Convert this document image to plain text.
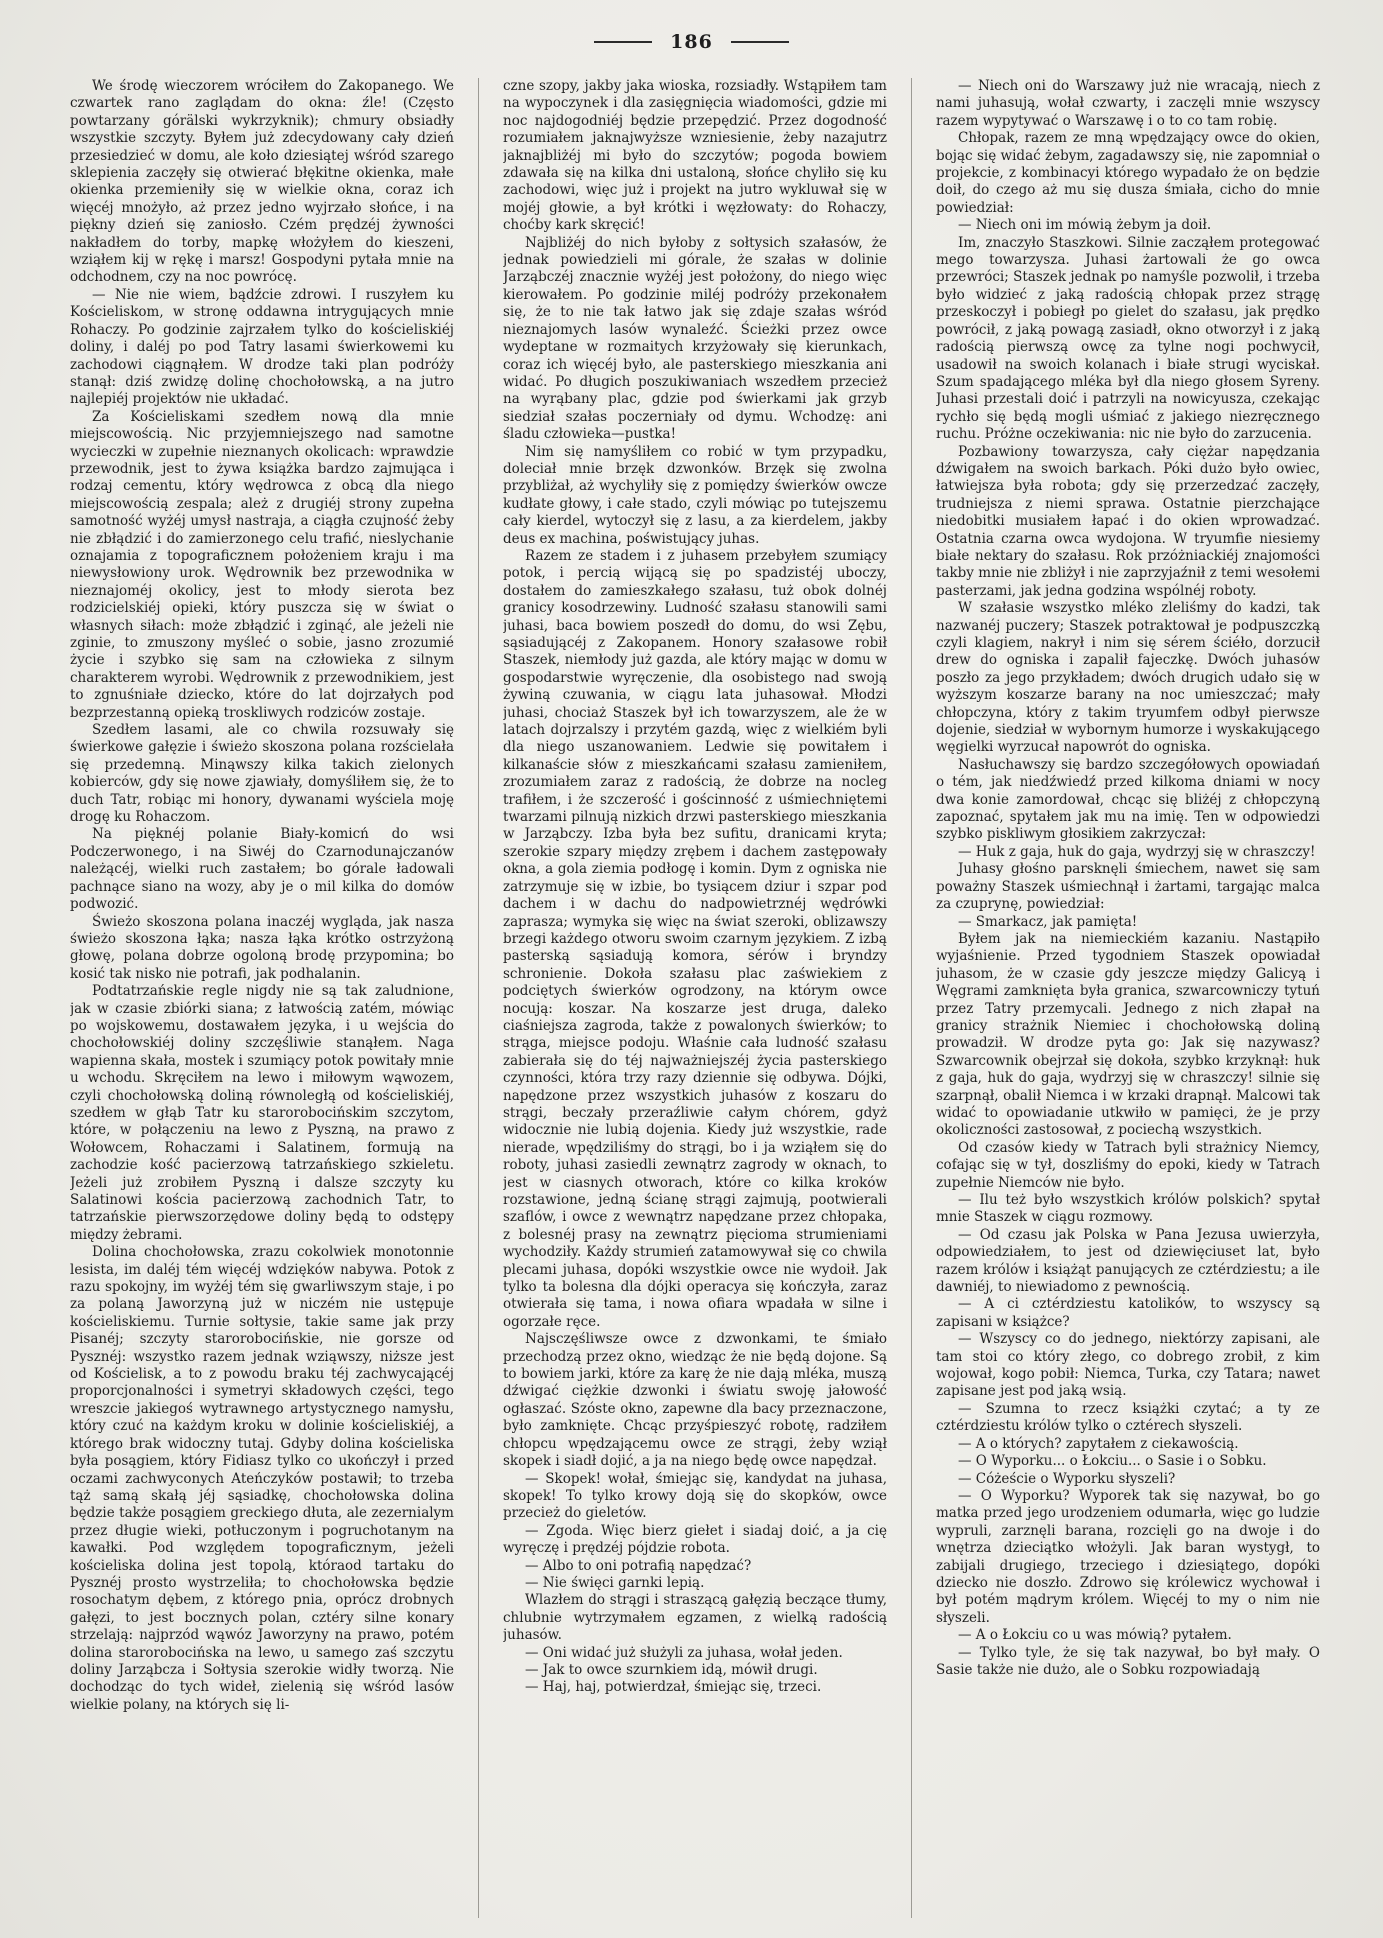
186

We środę wieczorem wróciłem do Zakopanego. We czwartek rano zaglądam do okna: źle! (Często powtarzany górälski wykrzyknik); chmury obsiadły wszystkie szczyty. Byłem już zdecydowany cały dzień przesiedzieć w domu, ale koło dziesiątej wśród szarego sklepienia zaczęły się otwierać błękitne okienka, małe okienka przemieniły się w wielkie okna, coraz ich więcéj mnożyło, aż przez jedno wyjrzało słońce, i na piękny dzień się zaniosło. Czém prędzéj żywności nakładłem do torby, mapkę włożyłem do kieszeni, wziąłem kij w rękę i marsz! Gospodyni pytała mnie na odchodnem, czy na noc powrócę.

— Nie nie wiem, bądźcie zdrowi. I ruszyłem ku Kościeliskom, w stronę oddawna intrygujących mnie Rohaczy. Po godzinie zajrzałem tylko do kościeliskiéj doliny, i daléj po pod Tatry lasami świerkowemi ku zachodowi ciągnąłem. W drodze taki plan podróży stanął: dziś zwidzę dolinę chochołowską, a na jutro najlepiéj projektów nie układać.

Za Kościeliskami szedłem nową dla mnie miejscowością. Nic przyjemniejszego nad samotne wycieczki w zupełnie nieznanych okolicach: wprawdzie przewodnik, jest to żywa książka bardzo zajmująca i rodzaj cementu, który wędrowca z obcą dla niego miejscowością zespala; ależ z drugiéj strony zupełna samotność wyżéj umysł nastraja, a ciągła czujność żeby nie zbłądzić i do zamierzonego celu trafić, nieslychanie oznajamia z topograficznem położeniem kraju i ma niewysłowiony urok. Wędrownik bez przewodnika w nieznajoméj okolicy, jest to młody sierota bez rodzicielskiéj opieki, który puszcza się w świat o własnych siłach: może zbłądzić i zginąć, ale jeżeli nie zginie, to zmuszony myśleć o sobie, jasno zrozumié życie i szybko się sam na człowieka z silnym charakterem wyrobi. Wędrownik z przewodnikiem, jest to zgnuśniałe dziecko, które do lat dojrzałych pod bezprzestanną opieką troskliwych rodziców zostaje.

Szedłem lasami, ale co chwila rozsuwały się świerkowe gałęzie i świeżo skoszona polana rozścielała się przedemną. Minąwszy kilka takich zielonych kobierców, gdy się nowe zjawiały, domyśliłem się, że to duch Tatr, robiąc mi honory, dywanami wyściela moję drogę ku Rohaczom.

Na pięknéj polanie Biały-komicń do wsi Podczerwonego, i na Siwéj do Czarnodunajczanów należącéj, wielki ruch zastałem; bo górale ładowali pachnące siano na wozy, aby je o mil kilka do domów podwozić.

Świeżo skoszona polana inaczéj wygląda, jak nasza świeżo skoszona łąka; nasza łąka krótko ostrzyżoną głowę, polana dobrze ogoloną brodę przypomina; bo kosić tak nisko nie potrafi, jak podhalanin.

Podtatrzańskie regle nigdy nie są tak zaludnione, jak w czasie zbiórki siana; z łatwością zatém, mówiąc po wojskowemu, dostawałem języka, i u wejścia do chochołowskiéj doliny szczęśliwie stanąłem. Naga wapienna skała, mostek i szumiący potok powitały mnie u wchodu. Skręciłem na lewo i miłowym wąwozem, czyli chochołowską doliną równoległą od kościeliskiéj, szedłem w głąb Tatr ku starorobocińskim szczytom, które, w połączeniu na lewo z Pyszną, na prawo z Wołowcem, Rohaczami i Salatinem, formują na zachodzie kość pacierzową tatrzańskiego szkieletu. Jeżeli już zrobiłem Pyszną i dalsze szczyty ku Salatinowi kościa pacierzową zachodnich Tatr, to tatrzańskie pierwszorzędowe doliny będą to odstępy między żebrami.

Dolina chochołowska, zrazu cokolwiek monotonnie lesista, im daléj tém więcéj wdzięków nabywa. Potok z razu spokojny, im wyżéj tém się gwarliwszym staje, i po za polaną Jaworzyną już w niczém nie ustępuje kościeliskiemu. Turnie sołtysie, takie same jak przy Pisanéj; szczyty starorobocińskie, nie gorsze od Pysznéj: wszystko razem jednak wziąwszy, niższe jest od Kościelisk, a to z powodu braku téj zachwycającéj proporcjonalności i symetryi składowych części, tego wreszcie jakiegoś wytrawnego artystycznego namysłu, który czuć na każdym kroku w dolinie kościeliskiéj, a którego brak widoczny tutaj. Gdyby dolina kościeliska była posągiem, który Fidiasz tylko co ukończył i przed oczami zachwyconych Ateńczyków postawił; to trzeba tąż samą skałą jéj sąsiadkę, chochołowska dolina będzie także posągiem greckiego dłuta, ale zezernialym przez długie wieki, potłuczonym i pogruchotanym na kawałki. Pod względem topograficznym, jeżeli kościeliska dolina jest topolą, któraod tartaku do Pysznéj prosto wystrzeliła; to chochołowska będzie rosochatym dębem, z którego pnia, oprócz drobnych gałęzi, to jest bocznych polan, cztéry silne konary strzelają: najprzód wąwóz Jaworzyny na prawo, potém dolina starorobocińska na lewo, u samego zaś szczytu doliny Jarząbcza i Sołtysia szerokie widły tworzą. Nie dochodząc do tych wideł, zielenią się wśród lasów wielkie polany, na których się li-

czne szopy, jakby jaka wioska, rozsiadły. Wstąpiłem tam na wypoczynek i dla zasięgnięcia wiadomości, gdzie mi noc najdogodniéj będzie przepędzić. Przez dogodność rozumiałem jaknajwyższe wzniesienie, żeby nazajutrz jaknajbliżéj mi było do szczytów; pogoda bowiem zdawała się na kilka dni ustaloną, słońce chyliło się ku zachodowi, więc już i projekt na jutro wykluwał się w mojéj głowie, a był krótki i węzłowaty: do Rohaczy, choćby kark skręcić!

Najbliżéj do nich byłoby z sołtysich szałasów, że jednak powiedzieli mi górale, że szałas w dolinie Jarząbczéj znacznie wyżéj jest położony, do niego więc kierowałem. Po godzinie miléj podróży przekonałem się, że to nie tak łatwo jak się zdaje szałas wśród nieznajomych lasów wynaleźć. Ścieżki przez owce wydeptane w rozmaitych krzyżowały się kierunkach, coraz ich więcéj było, ale pasterskiego mieszkania ani widać. Po długich poszukiwaniach wszedłem przecież na wyrąbany plac, gdzie pod świerkami jak grzyb siedział szałas poczerniały od dymu. Wchodzę: ani śladu człowieka—pustka!

Nim się namyśliłem co robić w tym przypadku, doleciał mnie brzęk dzwonków. Brzęk się zwolna przybliżał, aż wychyliły się z pomiędzy świerków owcze kudłate głowy, i całe stado, czyli mówiąc po tutejszemu cały kierdel, wytoczył się z lasu, a za kierdelem, jakby deus ex machina, poświstujący juhas.

Razem ze stadem i z juhasem przebyłem szumiący potok, i percią wijącą się po spadzistéj uboczy, dostałem do zamieszkałego szałasu, tuż obok dolnéj granicy kosodrzewiny. Ludność szałasu stanowili sami juhasi, baca bowiem poszedł do domu, do wsi Zębu, sąsiadującéj z Zakopanem. Honory szałasowe robił Staszek, niemłody już gazda, ale który mając w domu w gospodarstwie wyręczenie, dla osobistego nad swoją żywiną czuwania, w ciągu lata juhasował. Młodzi juhasi, chociaż Staszek był ich towarzyszem, ale że w latach dojrzalszy i przytém gazdą, więc z wielkiém byli dla niego uszanowaniem. Ledwie się powitałem i kilkanaście słów z mieszkańcami szałasu zamieniłem, zrozumiałem zaraz z radością, że dobrze na nocleg trafiłem, i że szczerość i gościnność z uśmiechniętemi twarzami pilnują nizkich drzwi pasterskiego mieszkania w Jarząbczy. Izba była bez sufitu, dranicami kryta; szerokie szpary między zrębem i dachem zastępowały okna, a gola ziemia podłogę i komin. Dym z ogniska nie zatrzymuje się w izbie, bo tysiącem dziur i szpar pod dachem i w dachu do nadpowietrznéj wędrówki zaprasza; wymyka się więc na świat szeroki, oblizawszy brzegi każdego otworu swoim czarnym językiem. Z izbą pasterską sąsiadują komora, sérów i bryndzy schronienie. Dokoła szałasu plac zaświekiem z podciętych świerków ogrodzony, na którym owce nocują: koszar. Na koszarze jest druga, daleko ciaśniejsza zagroda, także z powalonych świerków; to strąga, miejsce podoju. Właśnie cała ludność szałasu zabierała się do téj najważniejszéj życia pasterskiego czynności, która trzy razy dziennie się odbywa. Dójki, napędzone przez wszystkich juhasów z koszaru do strągi, beczały przeraźliwie całym chórem, gdyż widocznie nie lubią dojenia. Kiedy już wszystkie, rade nierade, wpędziliśmy do strągi, bo i ja wziąłem się do roboty, juhasi zasiedli zewnątrz zagrody w oknach, to jest w ciasnych otworach, które co kilka kroków rozstawione, jedną ścianę strągi zajmują, pootwierali szaflów, i owce z wewnątrz napędzane przez chłopaka, z bolesnéj prasy na zewnątrz pięcioma strumieniami wychodziły. Każdy strumień zatamowywał się co chwila plecami juhasa, dopóki wszystkie owce nie wydoił. Jak tylko ta bolesna dla dójki operacya się kończyła, zaraz otwierała się tama, i nowa ofiara wpadała w silne i ogorzałe ręce.

Najsczęśliwsze owce z dzwonkami, te śmiało przechodzą przez okno, wiedząc że nie będą dojone. Są to bowiem jarki, które za karę że nie dają mléka, muszą dźwigać ciężkie dzwonki i światu swoję jałowość ogłaszać. Szóste okno, zapewne dla bacy przeznaczone, było zamknięte. Chcąc przyśpieszyć robotę, radziłem chłopcu wpędzającemu owce ze strągi, żeby wziął skopek i siadł dojić, a ja na niego będę owce napędzał.

— Skopek! wołał, śmiejąc się, kandydat na juhasa, skopek! To tylko krowy doją się do skopków, owce przecież do gieletów.

— Zgoda. Więc bierz giełet i siadaj doić, a ja cię wyręczę i prędzéj pójdzie robota.

— Albo to oni potrafią napędzać?

— Nie święci garnki lepią.

Wlazłem do strągi i straszącą gałęzią beczące tłumy, chlubnie wytrzymałem egzamen, z wielką radością juhasów.

— Oni widać już służyli za juhasa, wołał jeden.

— Jak to owce szurnkiem idą, mówił drugi.

— Haj, haj, potwierdzał, śmiejąc się, trzeci.

— Niech oni do Warszawy już nie wracają, niech z nami juhasują, wołał czwarty, i zaczęli mnie wszyscy razem wypytywać o Warszawę i o to co tam robię.

Chłopak, razem ze mną wpędzający owce do okien, bojąc się widać żebym, zagadawszy się, nie zapomniał o projekcie, z kombinacyi którego wypadało że on będzie doił, do czego aż mu się dusza śmiała, cicho do mnie powiedział:

— Niech oni im mówią żebym ja doił.

Im, znaczyło Staszkowi. Silnie zacząłem protegować mego towarzysza. Juhasi żartowali że go owca przewróci; Staszek jednak po namyśle pozwolił, i trzeba było widzieć z jaką radością chłopak przez strągę przeskoczył i pobiegł po gielet do szałasu, jak prędko powrócił, z jaką powagą zasiadł, okno otworzył i z jaką radością pierwszą owcę za tylne nogi pochwycił, usadowił na swoich kolanach i białe strugi wyciskał. Szum spadającego mléka był dla niego głosem Syreny. Juhasi przestali doić i patrzyli na nowicyusza, czekając rychło się będą mogli uśmiać z jakiego niezręcznego ruchu. Próżne oczekiwania: nic nie było do zarzucenia.

Pozbawiony towarzysza, cały ciężar napędzania dźwigałem na swoich barkach. Póki dużo było owiec, łatwiejsza była robota; gdy się przerzedzać zaczęły, trudniejsza z niemi sprawa. Ostatnie pierzchające niedobitki musiałem łapać i do okien wprowadzać. Ostatnia czarna owca wydojona. W tryumfie niesiemy białe nektary do szałasu. Rok przóżniackiéj znajomości takby mnie nie zbliżył i nie zaprzyjaźnił z temi wesołemi pasterzami, jak jedna godzina wspólnéj roboty.

W szałasie wszystko mléko zleliśmy do kadzi, tak nazwanéj puczery; Staszek potraktował je podpuszczką czyli klagiem, nakrył i nim się sérem ściéło, dorzucił drew do ogniska i zapalił fajeczkę. Dwóch juhasów poszło za jego przykładem; dwóch drugich udało się w wyższym koszarze barany na noc umieszczać; mały chłopczyna, który z takim tryumfem odbył pierwsze dojenie, siedział w wybornym humorze i wyskakującego węgielki wyrzucał napowrót do ogniska.

Nasłuchawszy się bardzo szczegółowych opowiadań o tém, jak niedźwiedź przed kilkoma dniami w nocy dwa konie zamordował, chcąc się bliżéj z chłopczyną zapoznać, spytałem jak mu na imię. Ten w odpowiedzi szybko piskliwym głosikiem zakrzyczał:

— Huk z gaja, huk do gaja, wydrzyj się w chraszczy!

Juhasy głośno parsknęli śmiechem, nawet się sam poważny Staszek uśmiechnął i żartami, targając malca za czuprynę, powiedział:

— Smarkacz, jak pamięta!

Byłem jak na niemieckiém kazaniu. Nastąpiło wyjaśnienie. Przed tygodniem Staszek opowiadał juhasom, że w czasie gdy jeszcze między Galicyą i Węgrami zamknięta była granica, szwarcowniczy tytuń przez Tatry przemycali. Jednego z nich złapał na granicy strażnik Niemiec i chochołowską doliną prowadził. W drodze pyta go: Jak się nazywasz? Szwarcownik obejrzał się dokoła, szybko krzyknął: huk z gaja, huk do gaja, wydrzyj się w chraszczy! silnie się szarpnął, obalił Niemca i w krzaki drapnął. Malcowi tak widać to opowiadanie utkwiło w pamięci, że je przy okoliczności zastosował, z pociechą wszystkich.

Od czasów kiedy w Tatrach byli strażnicy Niemcy, cofając się w tył, doszliśmy do epoki, kiedy w Tatrach zupełnie Niemców nie było.

— Ilu też było wszystkich królów polskich? spytał mnie Staszek w ciągu rozmowy.

— Od czasu jak Polska w Pana Jezusa uwierzyła, odpowiedziałem, to jest od dziewięciuset lat, było razem królów i książąt panujących ze cztérdziestu; a ile dawniéj, to niewiadomo z pewnością.

— A ci cztérdziestu katolików, to wszyscy są zapisani w książce?

— Wszyscy co do jednego, niektórzy zapisani, ale tam stoi co który złego, co dobrego zrobił, z kim wojował, kogo pobił: Niemca, Turka, czy Tatara; nawet zapisane jest pod jaką wsią.

— Szumna to rzecz książki czytać; a ty ze cztérdziestu królów tylko o cztérech słyszeli.

— A o których? zapytałem z ciekawością.

— O Wyporku... o Łokciu... o Sasie i o Sobku.

— Cóżeście o Wyporku słyszeli?

— O Wyporku? Wyporek tak się nazywał, bo go matka przed jego urodzeniem odumarła, więc go ludzie wypruli, zarznęli barana, rozcięli go na dwoje i do wnętrza dzieciątko włożyli. Jak baran wystygł, to zabijali drugiego, trzeciego i dziesiątego, dopóki dziecko nie doszło. Zdrowo się królewicz wychował i był potém mądrym królem. Więcéj to my o nim nie słyszeli.

— A o Łokciu co u was mówią? pytałem.

— Tylko tyle, że się tak nazywał, bo był mały. O Sasie także nie dużo, ale o Sobku rozpowiadają
